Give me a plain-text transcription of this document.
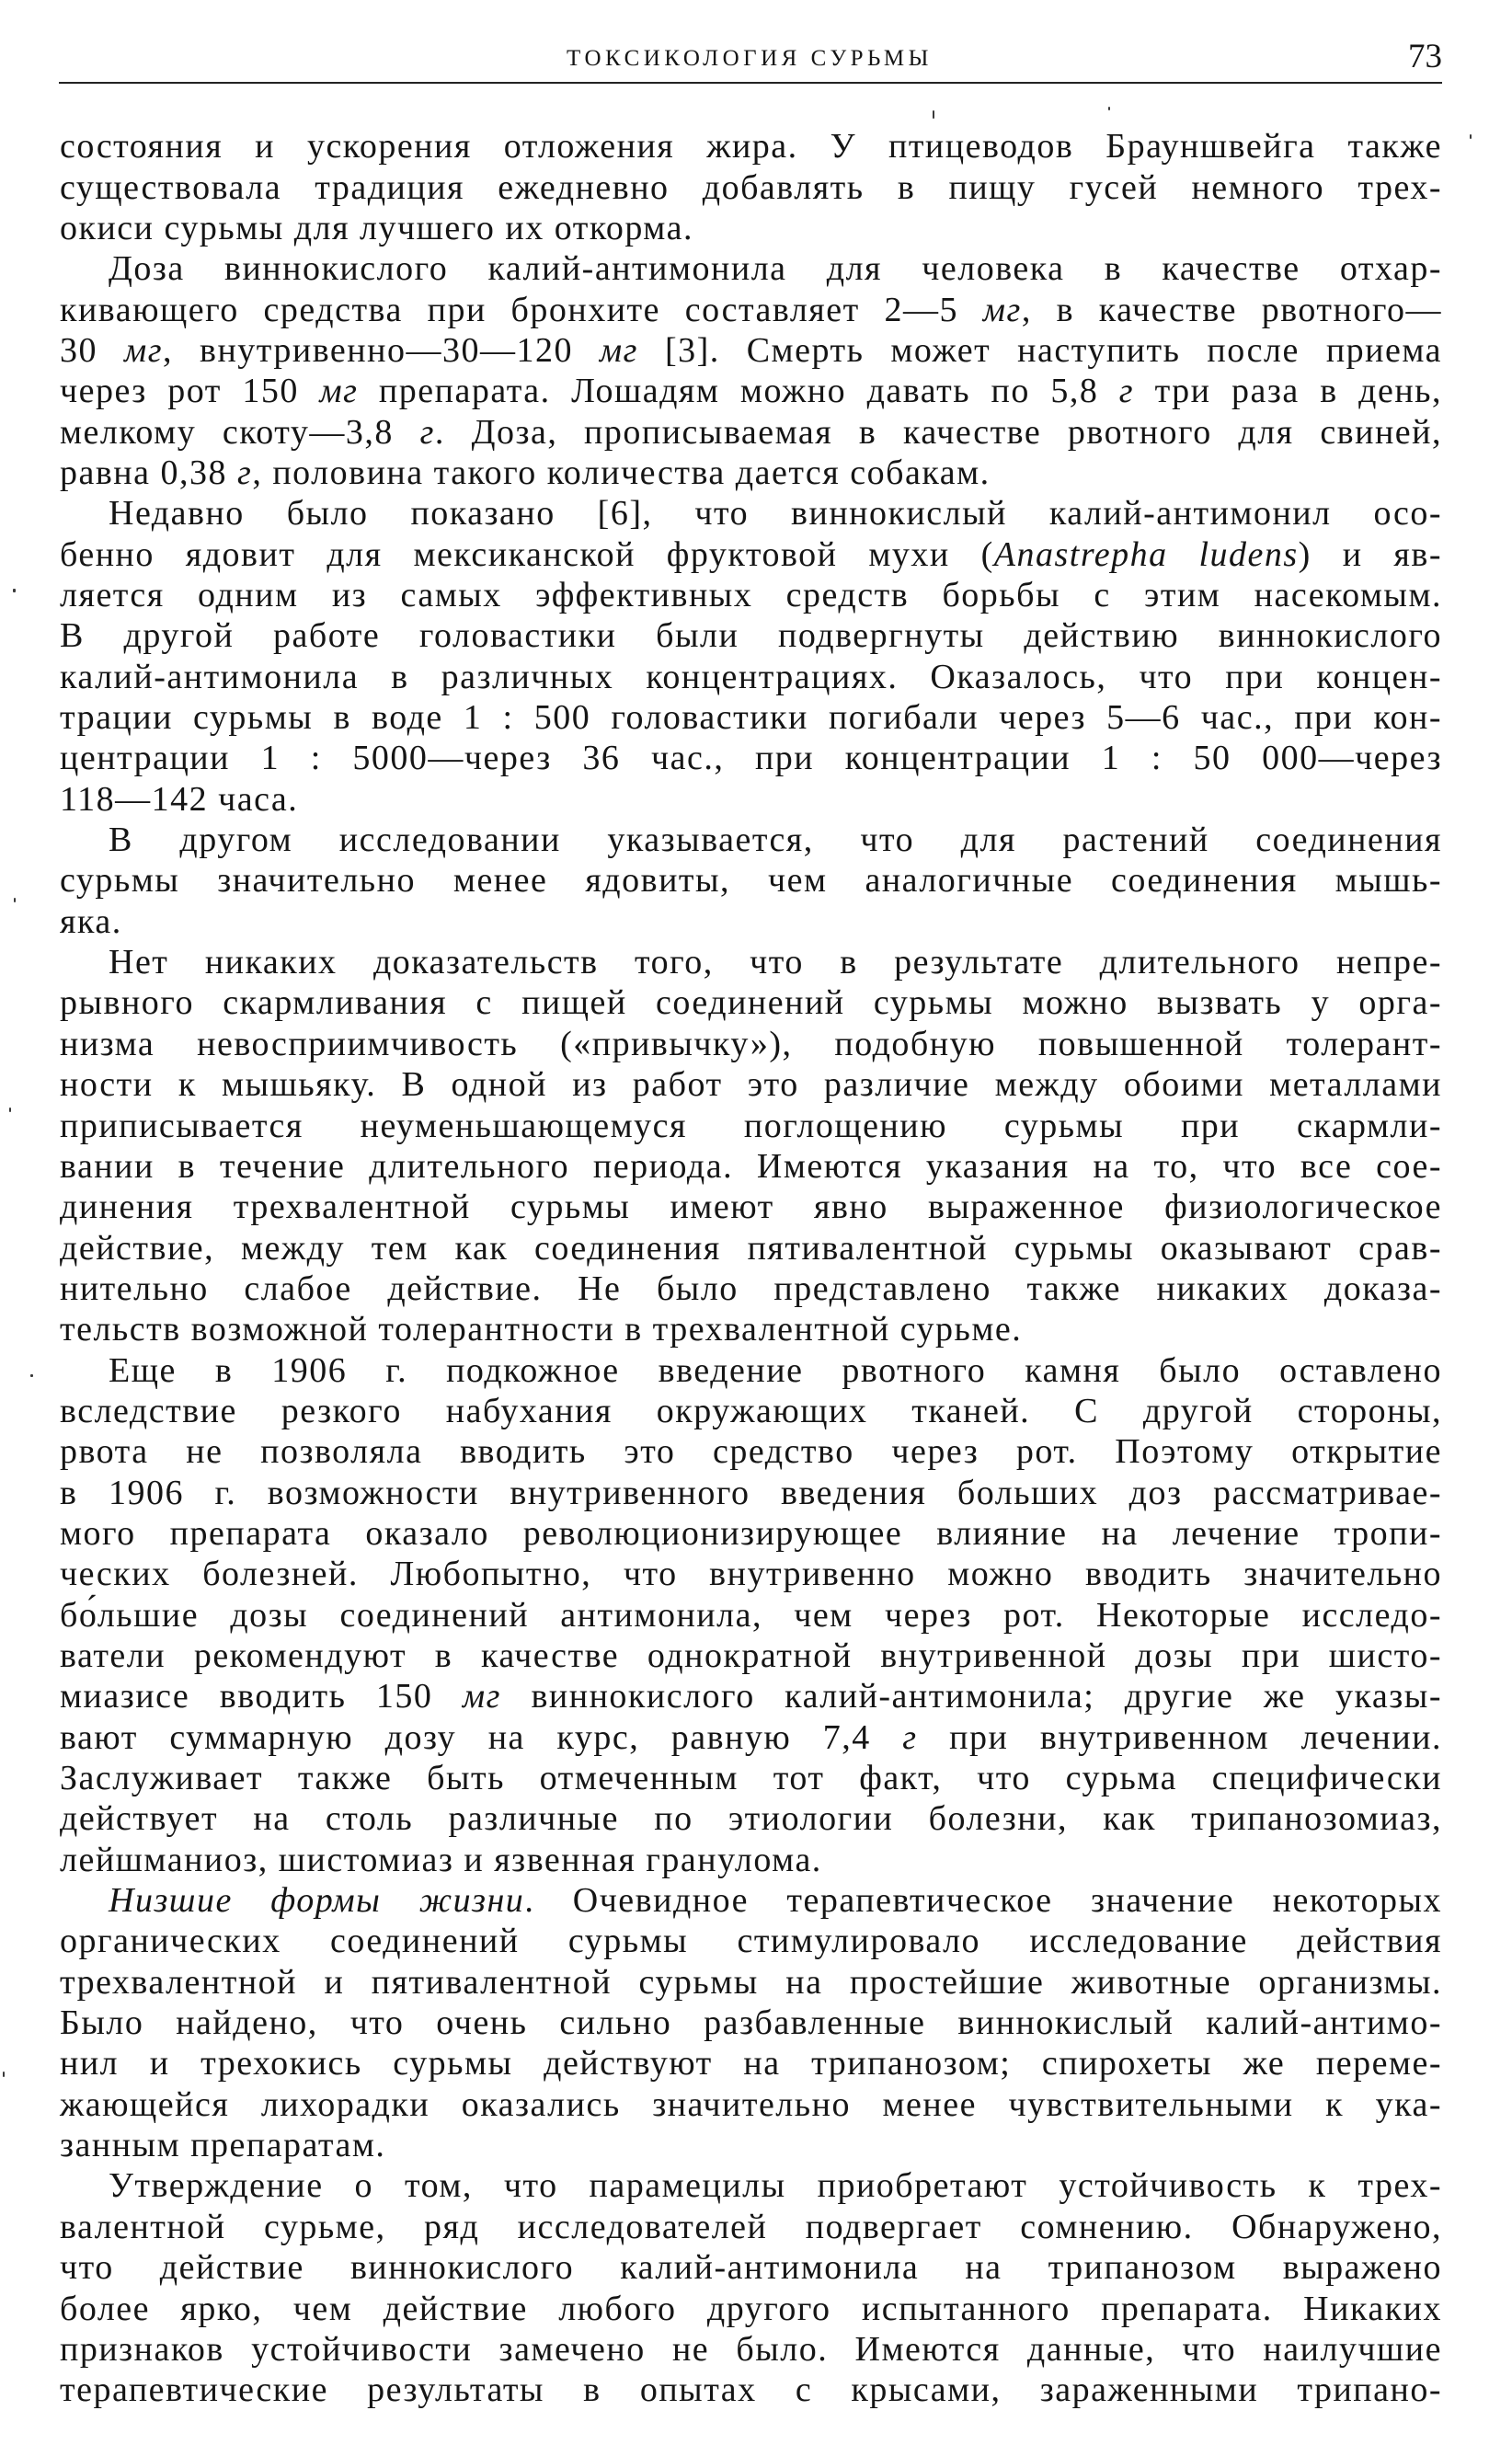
ТОКСИКОЛОГИЯ СУРЬМЫ	73
состояния и ускорения отложения жира. У птицеводов Брауншвейга также
существовала традиция ежедневно добавлять в пищу гусей немного трех-
окиси сурьмы для лучшего их откорма.
Доза виннокислого калий-антимонила для человека в качестве отхар-
кивающего средства при бронхите составляет 2—5 мг, в качестве рвотного—
30 мг, внутривенно—30—120 мг [3]. Смерть может наступить после приема
через рот 150 мг препарата. Лошадям можно давать по 5,8 г три раза в день,
мелкому скоту—3,8 г. Доза, прописываемая в качестве рвотного для свиней,
равна 0,38 г, половина такого количества дается собакам.
Недавно было показано [6], что виннокислый калий-антимонил осо-
бенно ядовит для мексиканской фруктовой мухи (Anastrepha ludens) и яв-
ляется одним из самых эффективных средств борьбы с этим насекомым.
В другой работе головастики были подвергнуты действию виннокислого
калий-антимонила в различных концентрациях. Оказалось, что при концен-
трации сурьмы в воде 1 : 500 головастики погибали через 5—6 час., при кон-
центрации 1 : 5000—через 36 час., при концентрации 1 : 50 000—через
118—142 часа.
В другом исследовании указывается, что для растений соединения
сурьмы значительно менее ядовиты, чем аналогичные соединения мышь-
яка.
Нет никаких доказательств того, что в результате длительного непре-
рывного скармливания с пищей соединений сурьмы можно вызвать у орга-
низма невосприимчивость («привычку»), подобную повышенной толерант-
ности к мышьяку. В одной из работ это различие между обоими металлами
приписывается неуменьшающемуся поглощению сурьмы при скармли-
вании в течение длительного периода. Имеются указания на то, что все сое-
динения трехвалентной сурьмы имеют явно выраженное физиологическое
действие, между тем как соединения пятивалентной сурьмы оказывают срав-
нительно слабое действие. Не было представлено также никаких доказа-
тельств возможной толерантности в трехвалентной сурьме.
Еще в 1906 г. подкожное введение рвотного камня было оставлено
вследствие резкого набухания окружающих тканей. С другой стороны,
рвота не позволяла вводить это средство через рот. Поэтому открытие
в 1906 г. возможности внутривенного введения больших доз рассматривае-
мого препарата оказало революционизирующее влияние на лечение тропи-
ческих болезней. Любопытно, что внутривенно можно вводить значительно
бо́льшие дозы соединений антимонила, чем через рот. Некоторые исследо-
ватели рекомендуют в качестве однократной внутривенной дозы при шисто-
миазисе вводить 150 мг виннокислого калий-антимонила; другие же указы-
вают суммарную дозу на курс, равную 7,4 г при внутривенном лечении.
Заслуживает также быть отмеченным тот факт, что сурьма специфически
действует на столь различные по этиологии болезни, как трипанозомиаз,
лейшманиоз, шистомиаз и язвенная гранулома.
Низшие формы жизни. Очевидное терапевтическое значение некоторых
органических соединений сурьмы стимулировало исследование действия
трехвалентной и пятивалентной сурьмы на простейшие животные организмы.
Было найдено, что очень сильно разбавленные виннокислый калий-антимо-
нил и трехокись сурьмы действуют на трипанозом; спирохеты же переме-
жающейся лихорадки оказались значительно менее чувствительными к ука-
занным препаратам.
Утверждение о том, что парамецилы приобретают устойчивость к трех-
валентной сурьме, ряд исследователей подвергает сомнению. Обнаружено,
что действие виннокислого калий-антимонила на трипанозом выражено
более ярко, чем действие любого другого испытанного препарата. Никаких
признаков устойчивости замечено не было. Имеются данные, что наилучшие
терапевтические результаты в опытах с крысами, зараженными трипано-
